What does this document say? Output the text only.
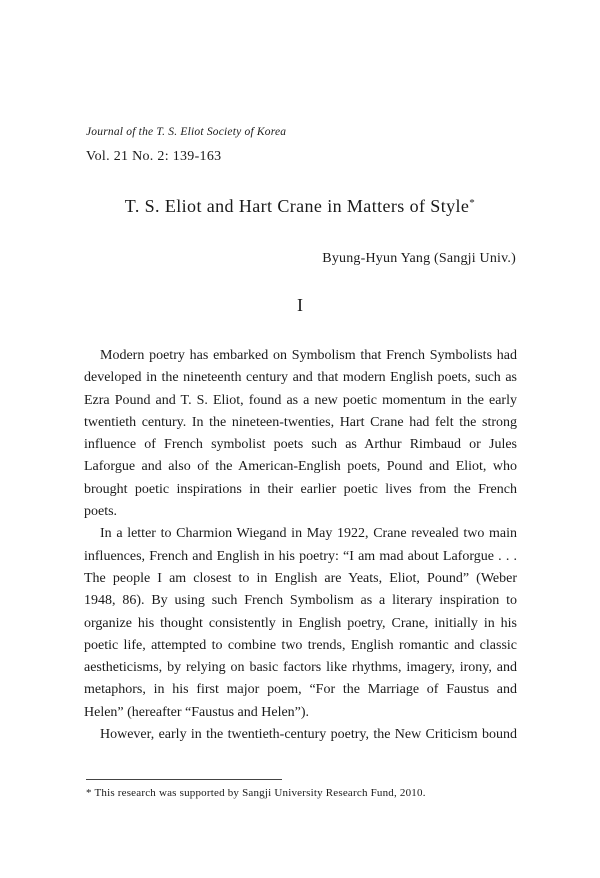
Journal of the T. S. Eliot Society of Korea
Vol. 21 No. 2: 139-163
T. S. Eliot and Hart Crane in Matters of Style*
Byung-Hyun Yang (Sangji Univ.)
I
Modern poetry has embarked on Symbolism that French Symbolists had
developed in the nineteenth century and that modern English poets, such as
Ezra Pound and T. S. Eliot, found as a new poetic momentum in the early
twentieth century. In the nineteen-twenties, Hart Crane had felt the strong
influence of French symbolist poets such as Arthur Rimbaud or Jules
Laforgue and also of the American-English poets, Pound and Eliot, who
brought poetic inspirations in their earlier poetic lives from the French
poets.
In a letter to Charmion Wiegand in May 1922, Crane revealed two main
influences, French and English in his poetry: “I am mad about Laforgue . . .
The people I am closest to in English are Yeats, Eliot, Pound” (Weber
1948, 86). By using such French Symbolism as a literary inspiration to
organize his thought consistently in English poetry, Crane, initially in his
poetic life, attempted to combine two trends, English romantic and classic
aestheticisms, by relying on basic factors like rhythms, imagery, irony, and
metaphors, in his first major poem, “For the Marriage of Faustus and
Helen” (hereafter “Faustus and Helen”).
However, early in the twentieth-century poetry, the New Criticism bound
* This research was supported by Sangji University Research Fund, 2010.
